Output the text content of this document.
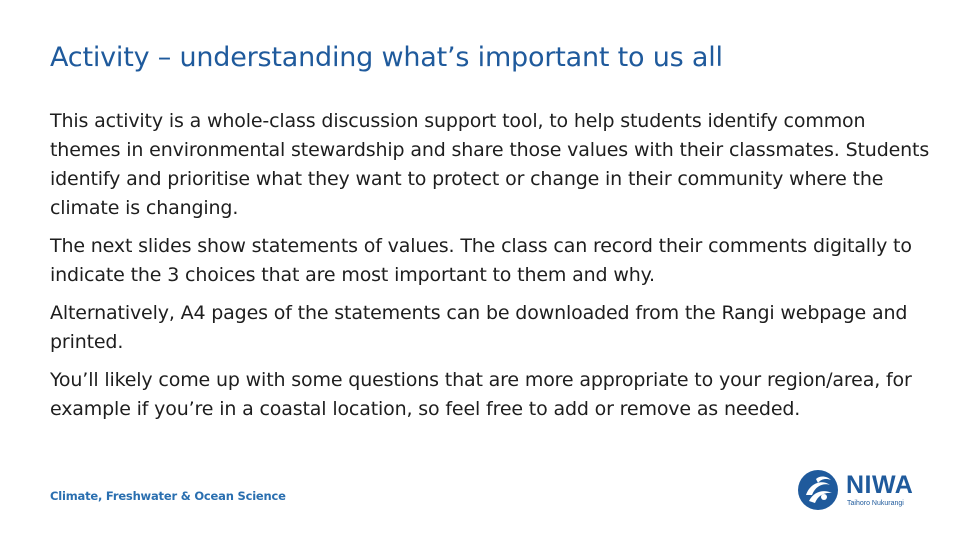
Activity – understanding what’s important to us all

This activity is a whole-class discussion support tool, to help students identify common themes in environmental stewardship and share those values with their classmates. Students identify and prioritise what they want to protect or change in their community where the climate is changing.

The next slides show statements of values. The class can record their comments digitally to indicate the 3 choices that are most important to them and why.

Alternatively, A4 pages of the statements can be downloaded from the Rangi webpage and printed.

You’ll likely come up with some questions that are more appropriate to your region/area, for example if you’re in a coastal location, so feel free to add or remove as needed.

Climate, Freshwater & Ocean Science	NIWA
Taihoro Nukurangi
